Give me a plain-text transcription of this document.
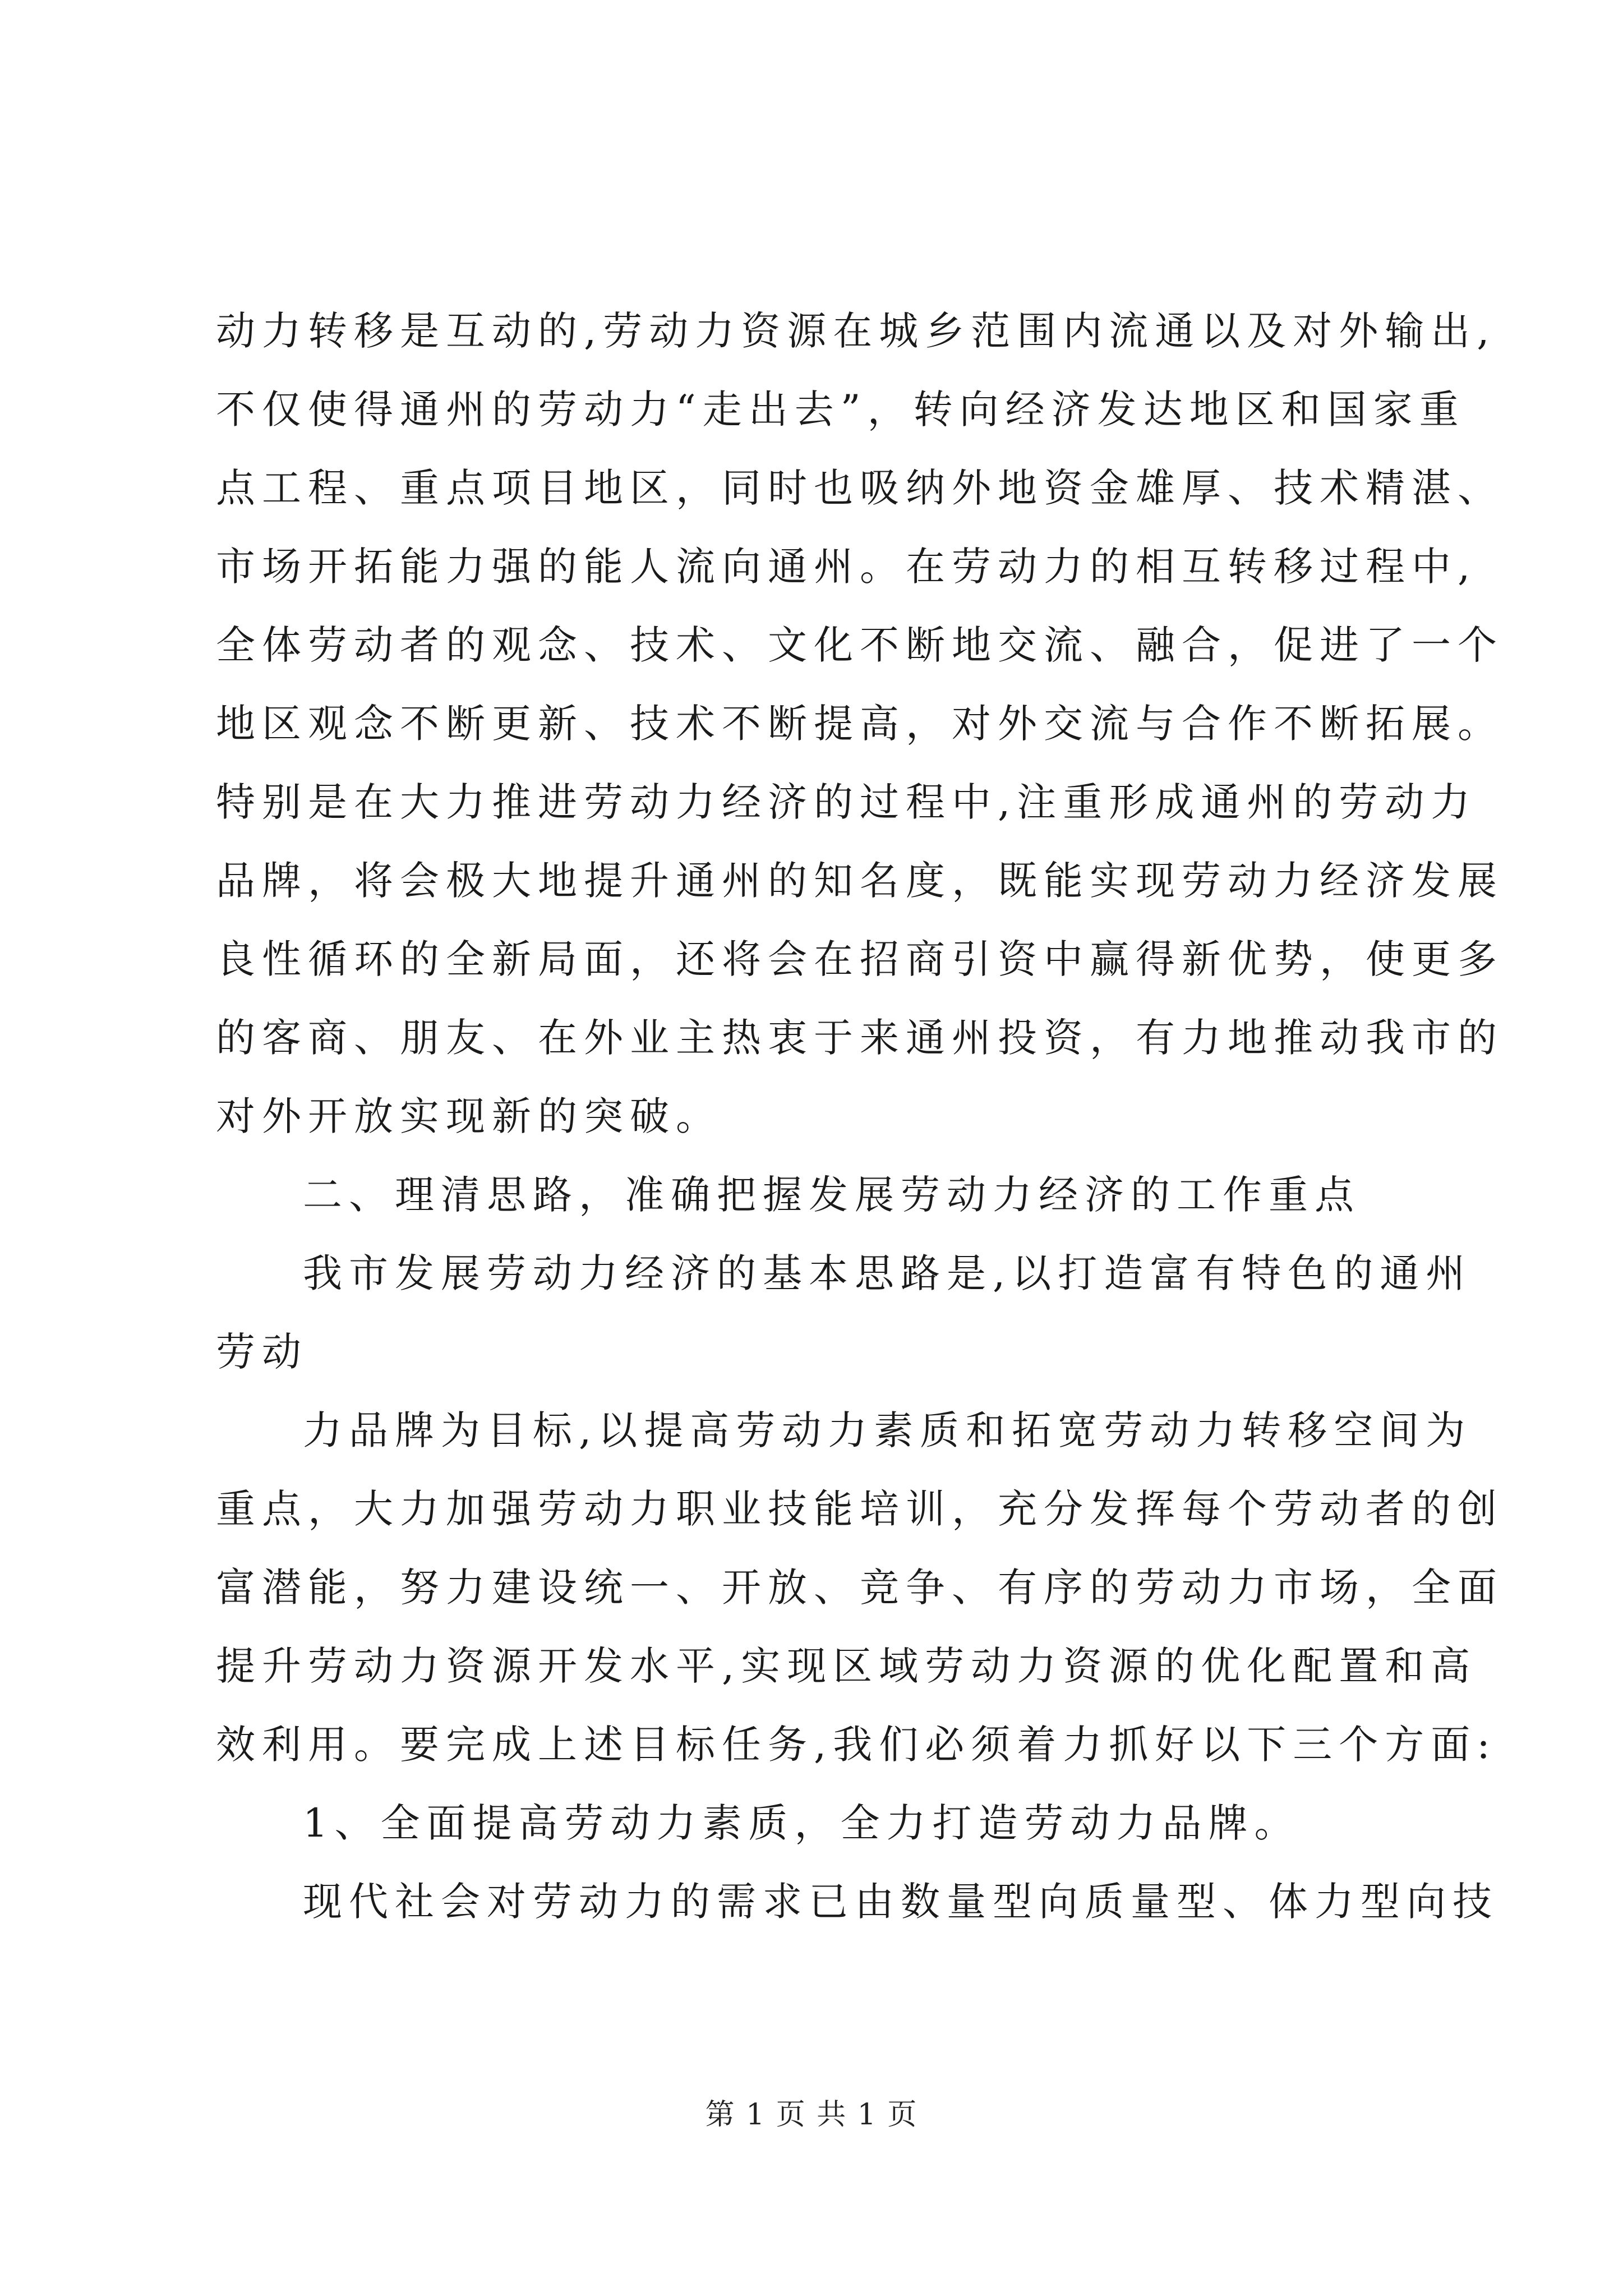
动力转移是互动的,劳动力资源在城乡范围内流通以及对外输出,
不仅使得通州的劳动力“走出去”，转向经济发达地区和国家重
点工程、重点项目地区，同时也吸纳外地资金雄厚、技术精湛、
市场开拓能力强的能人流向通州。在劳动力的相互转移过程中,
全体劳动者的观念、技术、文化不断地交流、融合，促进了一个
地区观念不断更新、技术不断提高，对外交流与合作不断拓展。
特别是在大力推进劳动力经济的过程中,注重形成通州的劳动力
品牌，将会极大地提升通州的知名度，既能实现劳动力经济发展
良性循环的全新局面，还将会在招商引资中赢得新优势，使更多
的客商、朋友、在外业主热衷于来通州投资，有力地推动我市的
对外开放实现新的突破。
二、理清思路，准确把握发展劳动力经济的工作重点
我市发展劳动力经济的基本思路是,以打造富有特色的通州
劳动
力品牌为目标,以提高劳动力素质和拓宽劳动力转移空间为
重点，大力加强劳动力职业技能培训，充分发挥每个劳动者的创
富潜能，努力建设统一、开放、竞争、有序的劳动力市场，全面
提升劳动力资源开发水平,实现区域劳动力资源的优化配置和高
效利用。要完成上述目标任务,我们必须着力抓好以下三个方面:
1、全面提高劳动力素质，全力打造劳动力品牌。
现代社会对劳动力的需求已由数量型向质量型、体力型向技
第 1 页 共 1 页
